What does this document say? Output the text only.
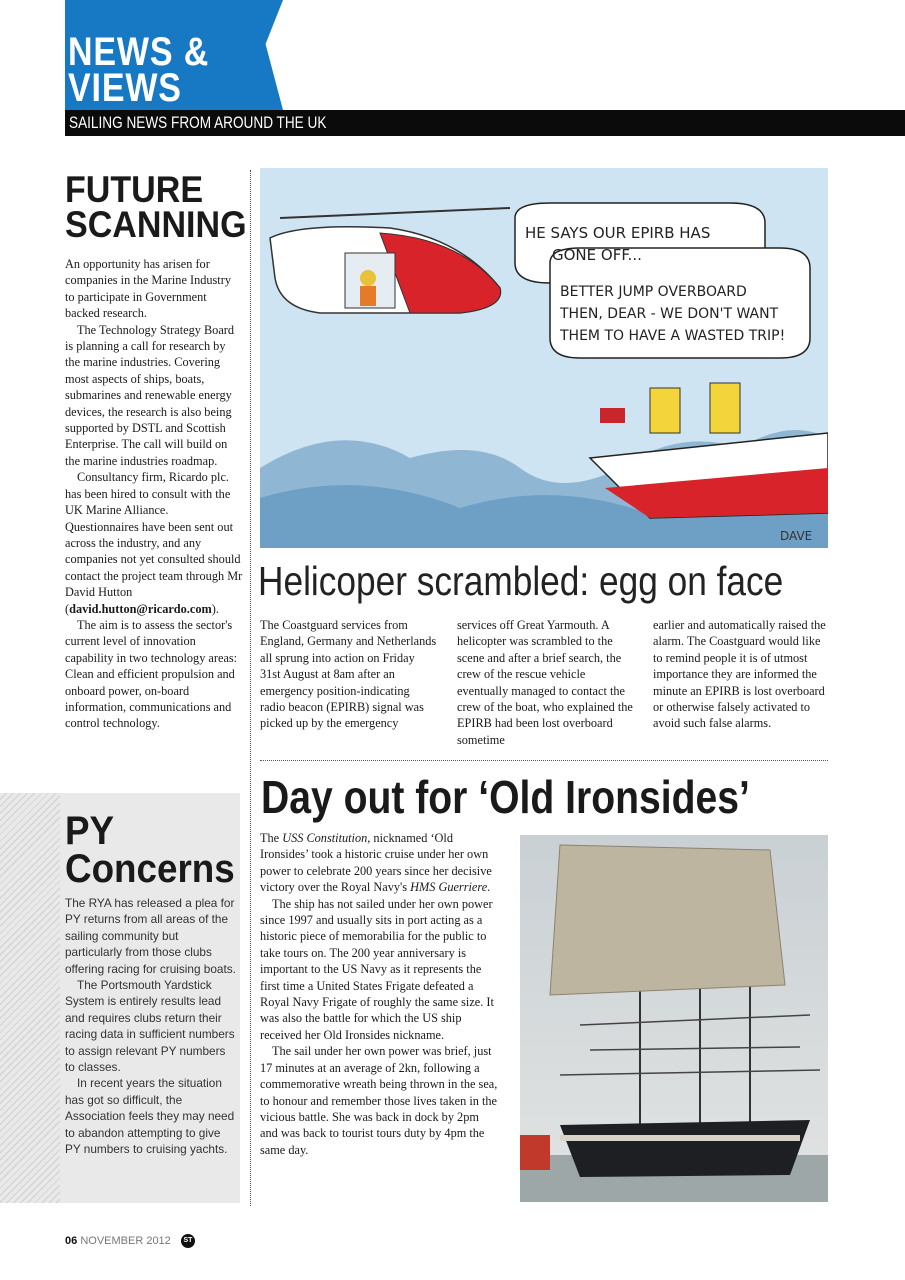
NEWS &
VIEWS
SAILING NEWS FROM AROUND THE UK
FUTURE
SCANNING

An opportunity has arisen for companies in the Marine Industry to participate in Government backed research.

The Technology Strategy Board is planning a call for research by the marine industries. Covering most aspects of ships, boats, submarines and renewable energy devices, the research is also being supported by DSTL and Scottish Enterprise. The call will build on the marine industries roadmap.

Consultancy firm, Ricardo plc. has been hired to consult with the UK Marine Alliance. Questionnaires have been sent out across the industry, and any companies not yet consulted should contact the project team through Mr David Hutton (david.hutton@ricardo.com).

The aim is to assess the sector's current level of innovation capability in two technology areas: Clean and efficient propulsion and onboard power, on-board information, communications and control technology.

PY
Concerns

The RYA has released a plea for PY returns from all areas of the sailing community but particularly from those clubs offering racing for cruising boats.

The Portsmouth Yardstick System is entirely results lead and requires clubs return their racing data in sufficient numbers to assign relevant PY numbers to classes.

In recent years the situation has got so difficult, the Association feels they may need to abandon attempting to give PY numbers to cruising yachts.

HE SAYS OUR EPIRB HAS
GONE OFF...
BETTER JUMP OVERBOARD
THEN, DEAR - WE DON'T WANT
THEM TO HAVE A WASTED TRIP!
DAVE
Helicoper scrambled: egg on face
The Coastguard services from England, Germany and Netherlands all sprung into action on Friday 31st August at 8am after an emergency position-indicating radio beacon (EPIRB) signal was picked up by the emergency
services off Great Yarmouth. A helicopter was scrambled to the scene and after a brief search, the crew of the rescue vehicle eventually managed to contact the crew of the boat, who explained the EPIRB had been lost overboard sometime
earlier and automatically raised the alarm. The Coastguard would like to remind people it is of utmost importance they are informed the minute an EPIRB is lost overboard or otherwise falsely activated to avoid such false alarms.
Day out for ‘Old Ironsides’

The USS Constitution, nicknamed ‘Old Ironsides’ took a historic cruise under her own power to celebrate 200 years since her decisive victory over the Royal Navy's HMS Guerriere.

The ship has not sailed under her own power since 1997 and usually sits in port acting as a historic piece of memorabilia for the public to take tours on. The 200 year anniversary is important to the US Navy as it represents the first time a United States Frigate defeated a Royal Navy Frigate of roughly the same size. It was also the battle for which the US ship received her Old Ironsides nickname.

The sail under her own power was brief, just 17 minutes at an average of 2kn, following a commemorative wreath being thrown in the sea, to honour and remember those lives taken in the vicious battle. She was back in dock by 2pm and was back to tourist tours duty by 4pm the same day.

06 NOVEMBER 2012	ST
